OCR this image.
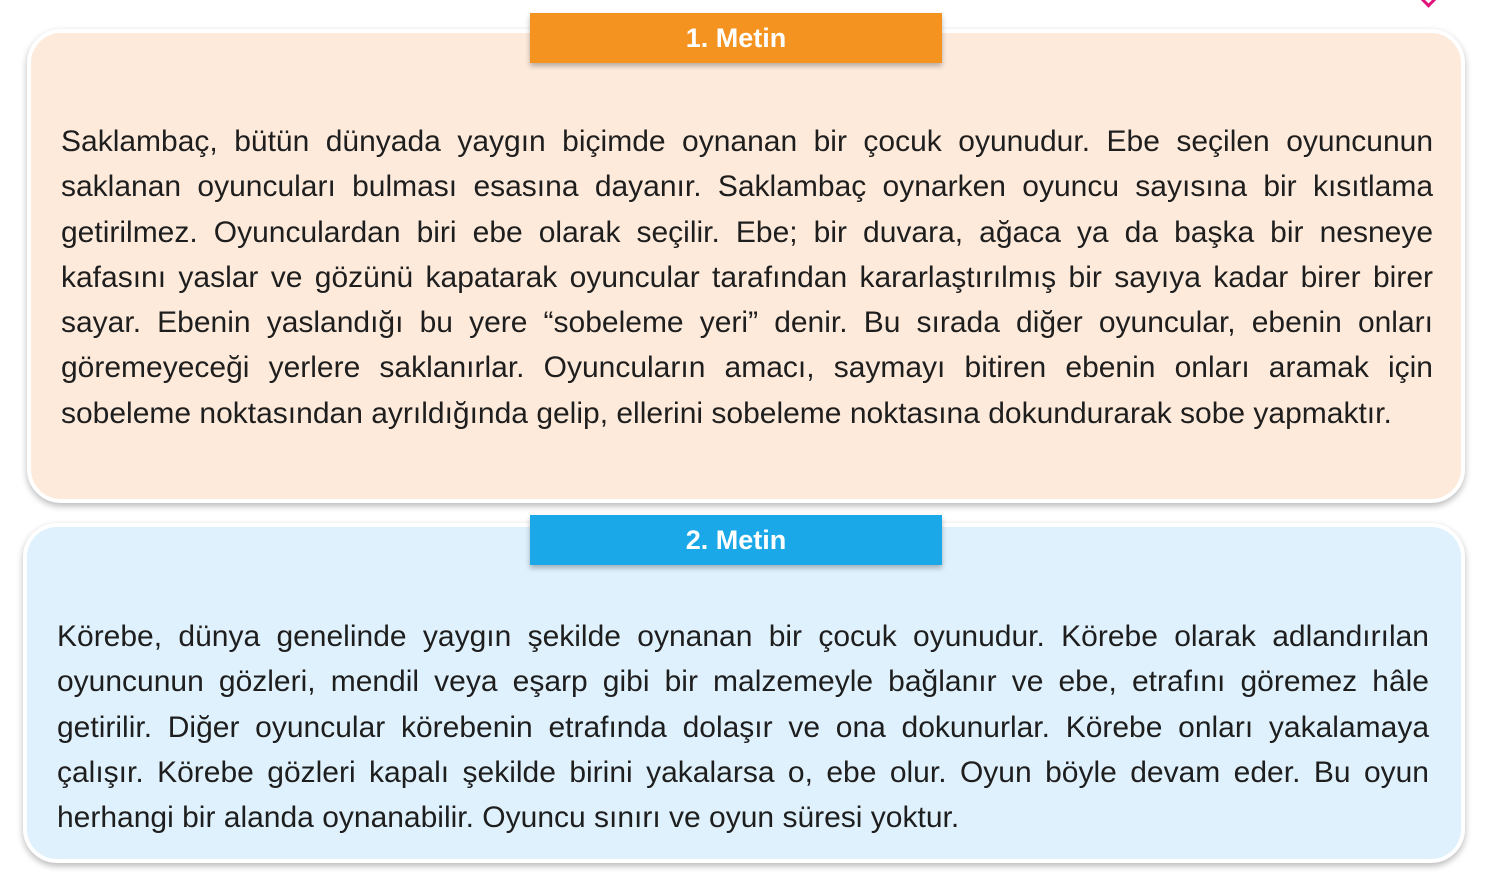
1. Metin

Saklambaç, bütün dünyada yaygın biçimde oynanan bir çocuk oyunudur. Ebe seçilen oyuncunun saklanan oyuncuları bulması esasına dayanır. Saklambaç oynarken oyuncu sayısına bir kısıtlama getirilmez. Oyunculardan biri ebe olarak seçilir. Ebe; bir duvara, ağaca ya da başka bir nesneye kafasını yaslar ve gözünü kapatarak oyuncular tarafından kararlaştırılmış bir sayıya kadar birer birer sayar. Ebenin yaslandığı bu yere “sobeleme yeri” denir. Bu sırada diğer oyuncular, ebenin onları göremeyeceği yerlere saklanırlar. Oyuncuların amacı, saymayı bitiren ebenin onları aramak için sobeleme noktasından ayrıldığında gelip, ellerini sobeleme noktasına dokundurarak sobe yapmaktır.

2. Metin

Körebe, dünya genelinde yaygın şekilde oynanan bir çocuk oyunudur. Körebe olarak adlandırılan oyuncunun gözleri, mendil veya eşarp gibi bir malzemeyle bağlanır ve ebe, etrafını göremez hâle getirilir. Diğer oyuncular körebenin etrafında dolaşır ve ona dokunurlar. Körebe onları yakalamaya çalışır. Körebe gözleri kapalı şekilde birini yakalarsa o, ebe olur. Oyun böyle devam eder. Bu oyun herhangi bir alanda oynanabilir. Oyuncu sınırı ve oyun süresi yoktur.
